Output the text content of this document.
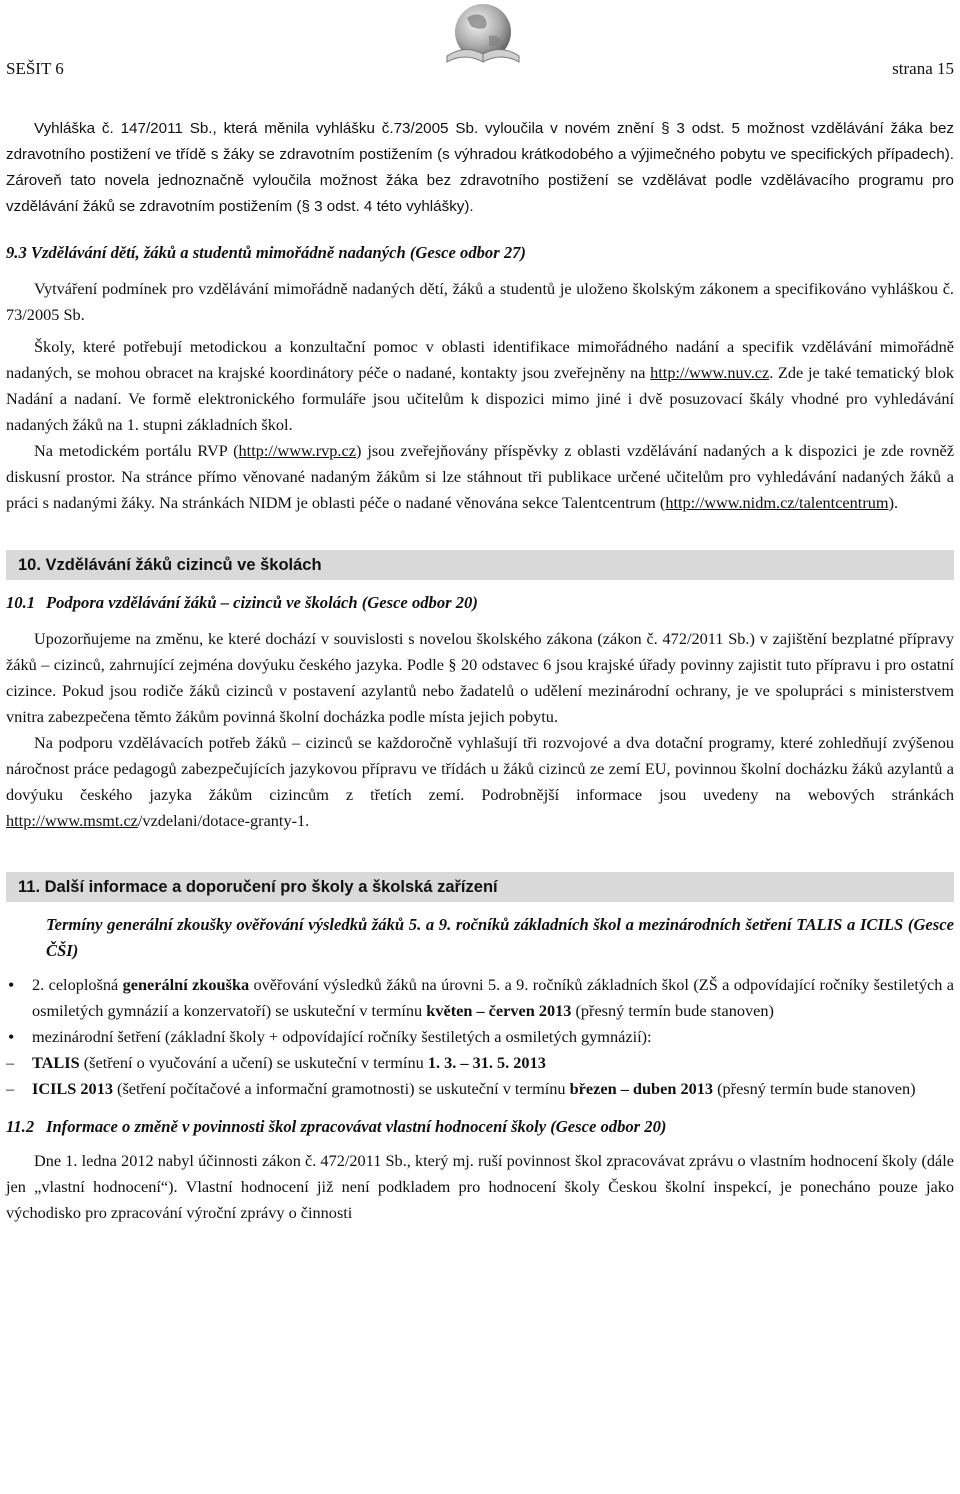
SEŠIT 6	strana 15

Vyhláška č. 147/2011 Sb., která měnila vyhlášku č.73/2005 Sb. vyloučila v novém znění § 3 odst. 5 možnost vzdělávání žáka bez zdravotního postižení ve třídě s žáky se zdravotním postižením (s výhradou krátkodobého a výjimečného pobytu ve specifických případech). Zároveň tato novela jednoznačně vyloučila možnost žáka bez zdravotního postižení se vzdělávat podle vzdělávacího programu pro vzdělávání žáků se zdravotním postižením (§ 3 odst. 4 této vyhlášky).

9.3 Vzdělávání dětí, žáků a studentů mimořádně nadaných (Gesce odbor 27)

Vytváření podmínek pro vzdělávání mimořádně nadaných dětí, žáků a studentů je uloženo školským zákonem a specifikováno vyhláškou č. 73/2005 Sb.

Školy, které potřebují metodickou a konzultační pomoc v oblasti identifikace mimořádného nadání a specifik vzdělávání mimořádně nadaných, se mohou obracet na krajské koordinátory péče o nadané, kontakty jsou zveřejněny na http://www.nuv.cz. Zde je také tematický blok Nadání a nadaní. Ve formě elektronického formuláře jsou učitelům k dispozici mimo jiné i dvě posuzovací škály vhodné pro vyhledávání nadaných žáků na 1. stupni základních škol.

Na metodickém portálu RVP (http://www.rvp.cz) jsou zveřejňovány příspěvky z oblasti vzdělávání nadaných a k dispozici je zde rovněž diskusní prostor. Na stránce přímo věnované nadaným žákům si lze stáhnout tři publikace určené učitelům pro vyhledávání nadaných žáků a práci s nadanými žáky. Na stránkách NIDM je oblasti péče o nadané věnována sekce Talentcentrum (http://www.nidm.cz/talentcentrum).

10. Vzdělávání žáků cizinců ve školách

10.1 Podpora vzdělávání žáků – cizinců ve školách (Gesce odbor 20)

Upozorňujeme na změnu, ke které dochází v souvislosti s novelou školského zákona (zákon č. 472/2011 Sb.) v zajištění bezplatné přípravy žáků – cizinců, zahrnující zejména dovýuku českého jazyka. Podle § 20 odstavec 6 jsou krajské úřady povinny zajistit tuto přípravu i pro ostatní cizince. Pokud jsou rodiče žáků cizinců v postavení azylantů nebo žadatelů o udělení mezinárodní ochrany, je ve spolupráci s ministerstvem vnitra zabezpečena těmto žákům povinná školní docházka podle místa jejich pobytu.

Na podporu vzdělávacích potřeb žáků – cizinců se každoročně vyhlašují tři rozvojové a dva dotační programy, které zohledňují zvýšenou náročnost práce pedagogů zabezpečujících jazykovou přípravu ve třídách u žáků cizinců ze zemí EU, povinnou školní docházku žáků azylantů a dovýuku českého jazyka žákům cizincům z třetích zemí. Podrobnější informace jsou uvedeny na webových stránkách http://www.msmt.cz/vzdelani/dotace-granty-1.

11. Další informace a doporučení pro školy a školská zařízení

Termíny generální zkoušky ověřování výsledků žáků 5. a 9. ročníků základních škol a mezinárodních šetření TALIS a ICILS (Gesce ČŠI)

• 2. celoplošná generální zkouška ověřování výsledků žáků na úrovni 5. a 9. ročníků základních škol (ZŠ a odpovídající ročníky šestiletých a osmiletých gymnázií a konzervatoří) se uskuteční v termínu květen – červen 2013 (přesný termín bude stanoven)
• mezinárodní šetření (základní školy + odpovídající ročníky šestiletých a osmiletých gymnázií):
– TALIS (šetření o vyučování a učení) se uskuteční v termínu 1. 3. – 31. 5. 2013
– ICILS 2013 (šetření počítačové a informační gramotnosti) se uskuteční v termínu březen – duben 2013 (přesný termín bude stanoven)

11.2 Informace o změně v povinnosti škol zpracovávat vlastní hodnocení školy (Gesce odbor 20)

Dne 1. ledna 2012 nabyl účinnosti zákon č. 472/2011 Sb., který mj. ruší povinnost škol zpracovávat zprávu o vlastním hodnocení školy (dále jen „vlastní hodnocení“). Vlastní hodnocení již není podkladem pro hodnocení školy Českou školní inspekcí, je ponecháno pouze jako východisko pro zpracování výroční zprávy o činnosti
